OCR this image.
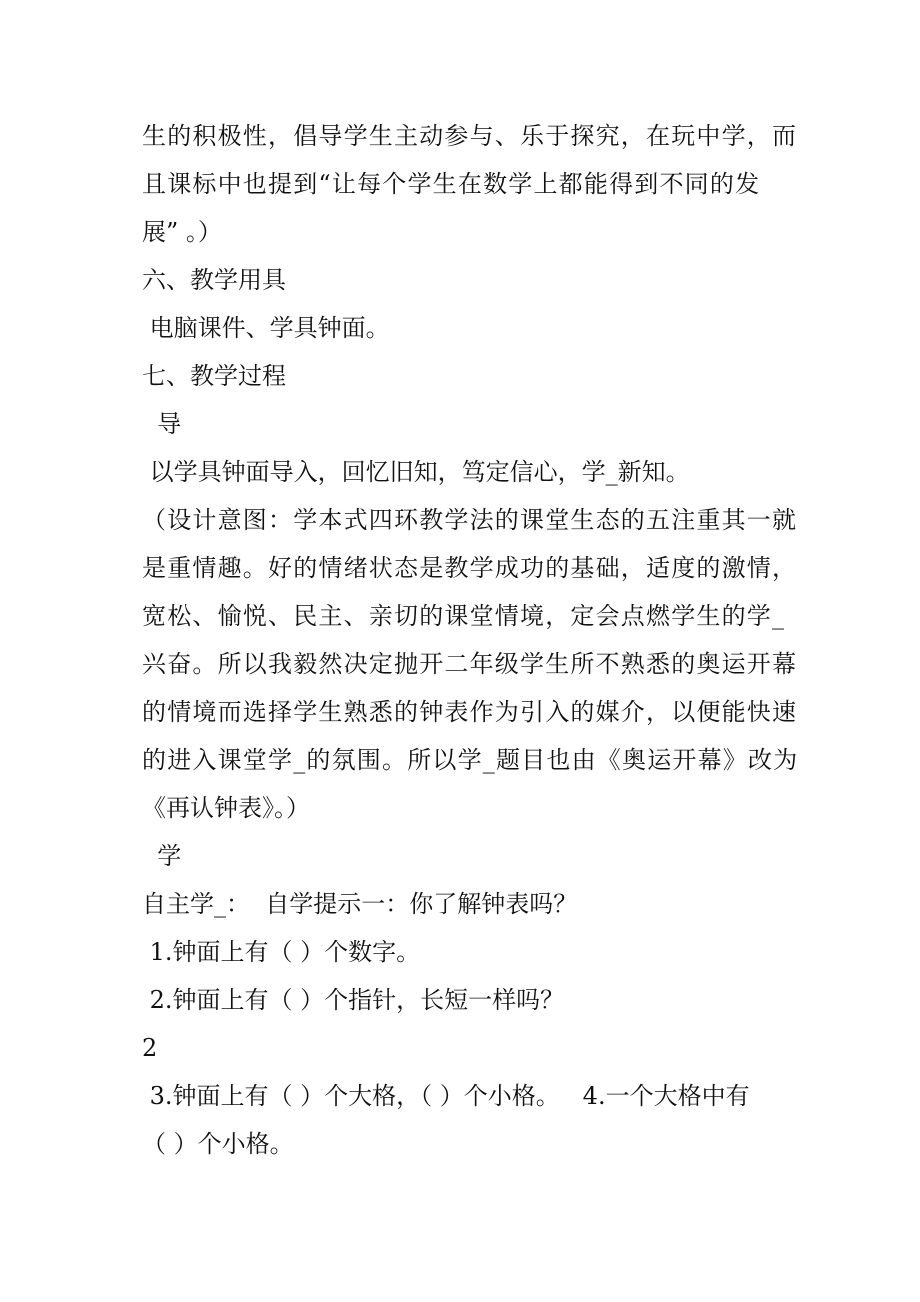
生的积极性，倡导学生主动参与、乐于探究，在玩中学，而
且课标中也提到“让每个学生在数学上都能得到不同的发
展” 。）
六、教学用具
电脑课件、学具钟面。
七、教学过程
导
以学具钟面导入，回忆旧知，笃定信心，学_新知。
（设计意图：学本式四环教学法的课堂生态的五注重其一就
是重情趣。好的情绪状态是教学成功的基础，适度的激情，
宽松、愉悦、民主、亲切的课堂情境，定会点燃学生的学_
兴奋。所以我毅然决定抛开二年级学生所不熟悉的奥运开幕
的情境而选择学生熟悉的钟表作为引入的媒介，以便能快速
的进入课堂学_的氛围。所以学_题目也由《奥运开幕》改为
《再认钟表》。）
学
自主学_：  自学提示一：你了解钟表吗？
1.钟面上有（ ）个数字。
2.钟面上有（ ）个指针，长短一样吗？
2
3.钟面上有（ ）个大格，（ ）个小格。   4.一个大格中有
（ ）个小格。
